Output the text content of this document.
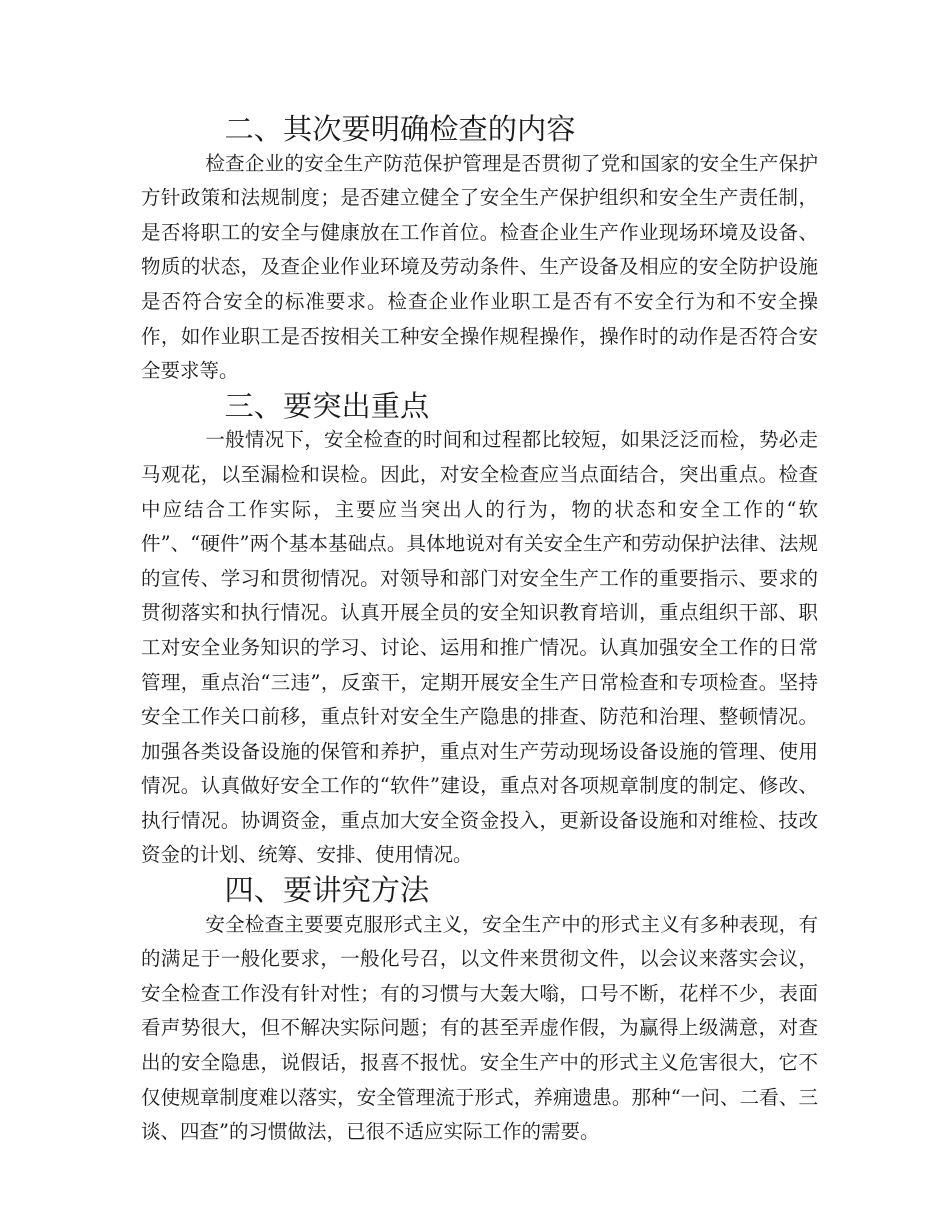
二、其次要明确检查的内容

检查企业的安全生产防范保护管理是否贯彻了党和国家的安全生产保护方针政策和法规制度；是否建立健全了安全生产保护组织和安全生产责任制，是否将职工的安全与健康放在工作首位。检查企业生产作业现场环境及设备、物质的状态，及查企业作业环境及劳动条件、生产设备及相应的安全防护设施是否符合安全的标准要求。检查企业作业职工是否有不安全行为和不安全操作，如作业职工是否按相关工种安全操作规程操作，操作时的动作是否符合安全要求等。

三、要突出重点

一般情况下，安全检查的时间和过程都比较短，如果泛泛而检，势必走马观花，以至漏检和误检。因此，对安全检查应当点面结合，突出重点。检查中应结合工作实际，主要应当突出人的行为，物的状态和安全工作的“软件”、“硬件”两个基本基础点。具体地说对有关安全生产和劳动保护法律、法规的宣传、学习和贯彻情况。对领导和部门对安全生产工作的重要指示、要求的贯彻落实和执行情况。认真开展全员的安全知识教育培训，重点组织干部、职工对安全业务知识的学习、讨论、运用和推广情况。认真加强安全工作的日常管理，重点治“三违”，反蛮干，定期开展安全生产日常检查和专项检查。坚持安全工作关口前移，重点针对安全生产隐患的排查、防范和治理、整顿情况。加强各类设备设施的保管和养护，重点对生产劳动现场设备设施的管理、使用情况。认真做好安全工作的“软件”建设，重点对各项规章制度的制定、修改、执行情况。协调资金，重点加大安全资金投入，更新设备设施和对维检、技改资金的计划、统筹、安排、使用情况。

四、要讲究方法

安全检查主要要克服形式主义，安全生产中的形式主义有多种表现，有的满足于一般化要求，一般化号召，以文件来贯彻文件，以会议来落实会议，安全检查工作没有针对性；有的习惯与大轰大嗡，口号不断，花样不少，表面看声势很大，但不解决实际问题；有的甚至弄虚作假，为赢得上级满意，对查出的安全隐患，说假话，报喜不报忧。安全生产中的形式主义危害很大，它不仅使规章制度难以落实，安全管理流于形式，养痈遗患。那种“一问、二看、三谈、四查”的习惯做法，已很不适应实际工作的需要。
